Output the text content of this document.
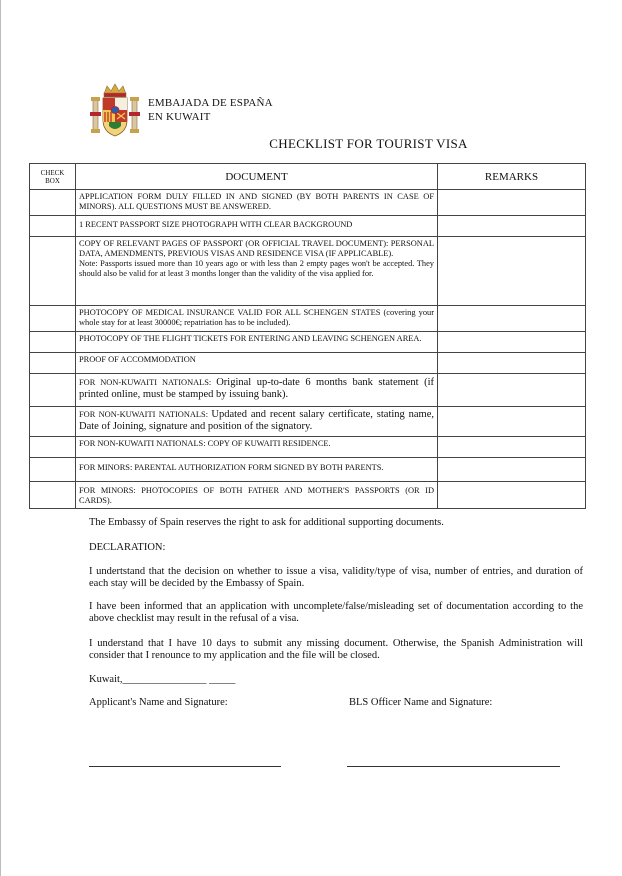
EMBAJADA DE ESPAÑA
EN KUWAIT
CHECKLIST FOR TOURIST VISA
CHECK BOX	DOCUMENT	REMARKS
	APPLICATION FORM DULY FILLED IN AND SIGNED (BY BOTH PARENTS IN CASE OF MINORS). ALL QUESTIONS MUST BE ANSWERED.	
	1 RECENT PASSPORT SIZE PHOTOGRAPH WITH CLEAR BACKGROUND	

	COPY OF RELEVANT PAGES OF PASSPORT (OR OFFICIAL TRAVEL DOCUMENT): PERSONAL DATA, AMENDMENTS, PREVIOUS VISAS AND RESIDENCE VISA (IF APPLICABLE).
Note: Passports issued more than 10 years ago or with less than 2 empty pages won't be accepted. They should also be valid for at least 3 months longer than the validity of the visa applied for.	

	PHOTOCOPY OF MEDICAL INSURANCE VALID FOR ALL SCHENGEN STATES (covering your whole stay for at least 30000€; repatriation has to be included).	
	PHOTOCOPY OF THE FLIGHT TICKETS FOR ENTERING AND LEAVING SCHENGEN AREA.	
	PROOF OF ACCOMMODATION	
	FOR NON-KUWAITI NATIONALS: Original up-to-date 6 months bank statement (if printed online, must be stamped by issuing bank).	
	FOR NON-KUWAITI NATIONALS: Updated and recent salary certificate, stating name, Date of Joining, signature and position of the signatory.	
	FOR NON-KUWAITI NATIONALS: COPY OF KUWAITI RESIDENCE.	
	FOR MINORS: PARENTAL AUTHORIZATION FORM SIGNED BY BOTH PARENTS.	
	FOR MINORS: PHOTOCOPIES OF BOTH FATHER AND MOTHER'S PASSPORTS (OR ID CARDS).	
The Embassy of Spain reserves the right to ask for additional supporting documents.
DECLARATION:
I undertstand that the decision on whether to issue a visa, validity/type of visa, number of entries, and duration of each stay will be decided by the Embassy of Spain.
I have been informed that an application with uncomplete/false/misleading set of documentation according to the above checklist may result in the refusal of a visa.
I understand that I have 10 days to submit any missing document. Otherwise, the Spanish Administration will consider that I renounce to my application and the file will be closed.
Kuwait,________________ _____
Applicant's Name and Signature:	BLS Officer Name and Signature:
